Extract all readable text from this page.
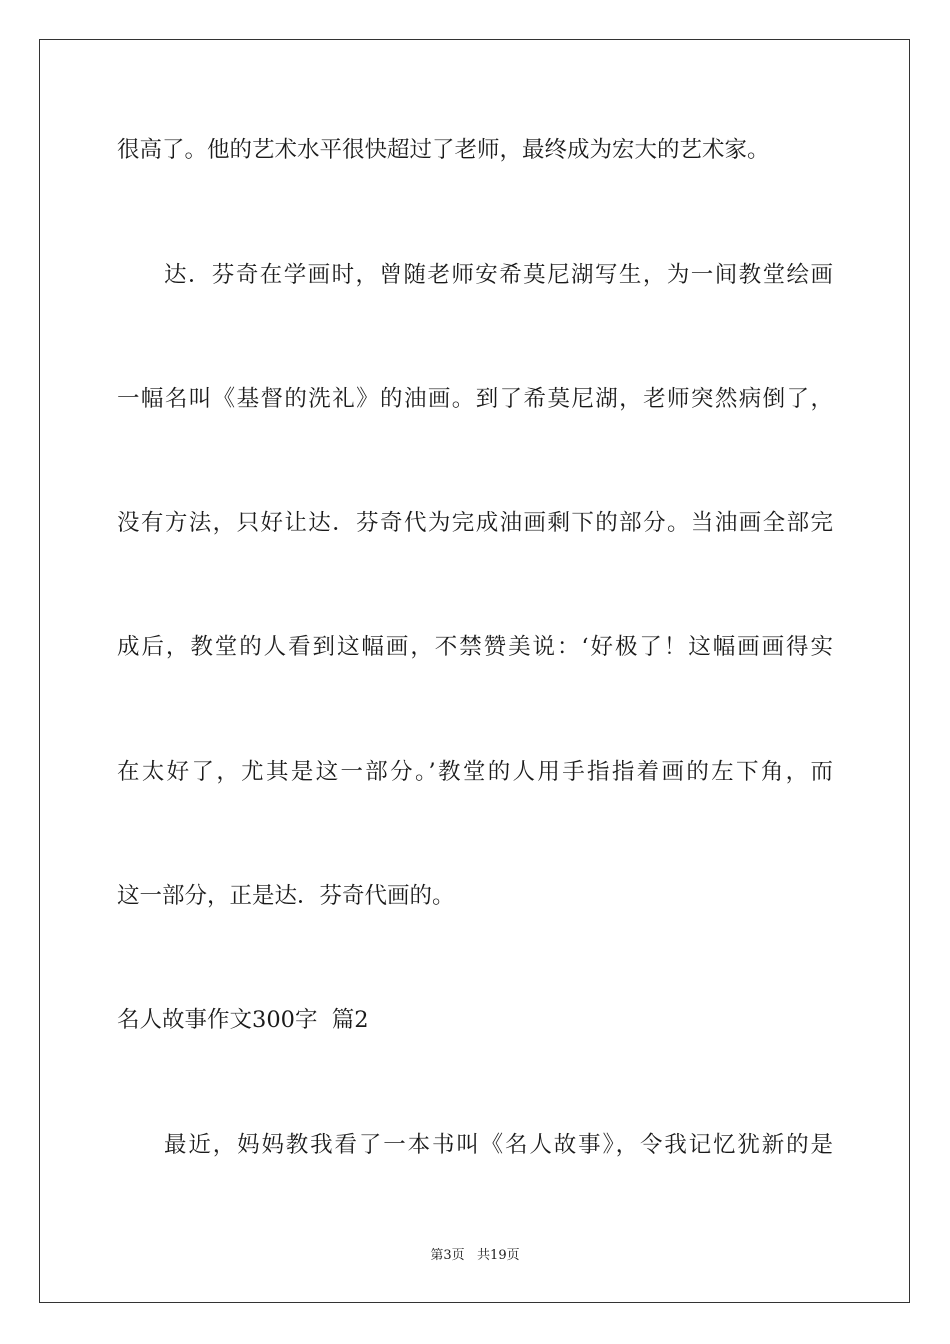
很高了。他的艺术水平很快超过了老师，最终成为宏大的艺术家。
达．芬奇在学画时，曾随老师安希莫尼湖写生，为一间教堂绘画
一幅名叫《基督的洗礼》的油画。到了希莫尼湖，老师突然病倒了，
没有方法，只好让达．芬奇代为完成油画剩下的部分。当油画全部完
成后，教堂的人看到这幅画，不禁赞美说：‘好极了！这幅画画得实
在太好了，尤其是这一部分。’教堂的人用手指指着画的左下角，而
这一部分，正是达．芬奇代画的。
名人故事作文300字  篇2
最近，妈妈教我看了一本书叫《名人故事》，令我记忆犹新的是
第3页   共19页
